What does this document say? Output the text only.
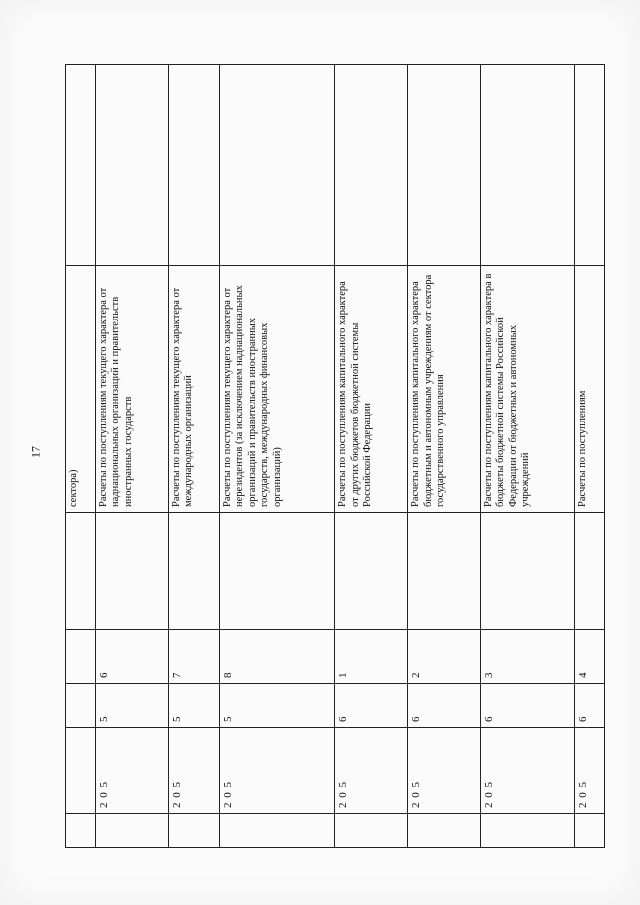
17
					сектора)	
	2 0 5	5	6		Расчеты по поступлениям текущего характера от наднациональных организаций и правительств иностранных государств	
	2 0 5	5	7		Расчеты по поступлениям текущего характера от международных организаций	
	2 0 5	5	8		Расчеты по поступлениям текущего характера от нерезидентов (за исключением наднациональных организаций и правительств иностранных государств, международных финансовых организаций)	
	2 0 5	6	1		Расчеты по поступлениям капитального характера от других бюджетов бюджетной системы Российской Федерации	
	2 0 5	6	2		Расчеты по поступлениям капитального характера бюджетным и автономным учреждениям от сектора государственного управления	
	2 0 5	6	3		Расчеты по поступлениям капитального характера в бюджеты бюджетной системы Российской Федерации от бюджетных и автономных учреждений	
	2 0 5	6	4		Расчеты по поступлениям	
